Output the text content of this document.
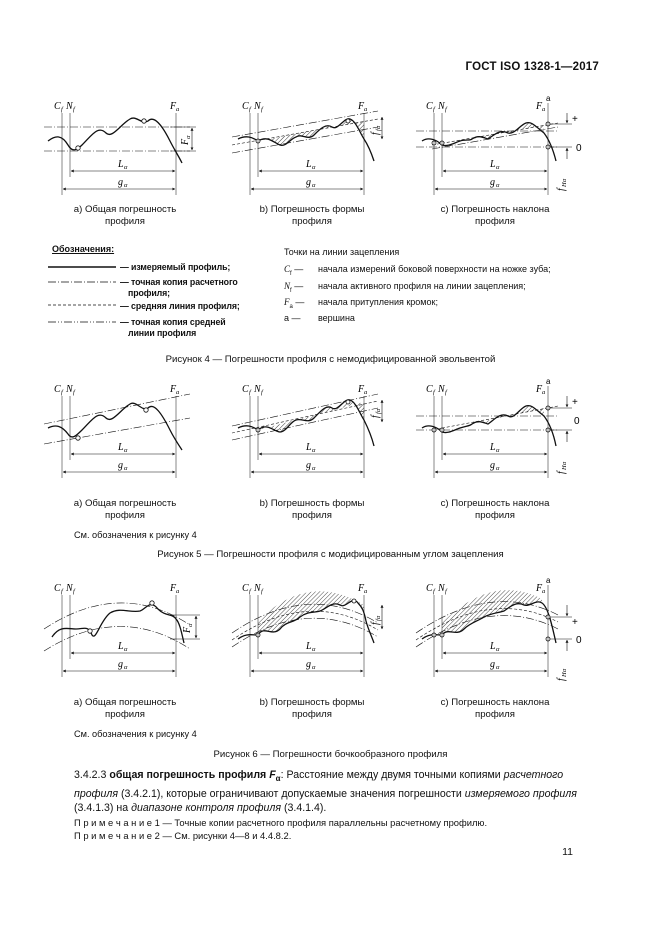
ГОСТ ISO 1328-1—2017
C f N f	F a
L α
g α
F
α
C f N f	F a
L α
g α
f
fα
C f N f	F a
a
+
0
L α
g α
f
Hα
a) Общая погрешность
профиля
b) Погрешность формы
профиля
c) Погрешность наклона
профиля
Обозначения:
— измеряемый профиль;
— точная копия расчетного
профиля;
— средняя линия профиля;
— точная копия средней
линии профиля
Точки на линии зацепления
$C_f$ — начала измерений боковой поверхности на ножке зуба;
$N_f$ — начала активного профиля на линии зацепления;
$F_a$ — начала притупления кромок;
a — вершина
Рисунок 4 — Погрешности профиля с немодифицированной эвольвентой
C f N f	F a
L α
g α
C f N f	F a
L α
g α
f
fα
C f N f	F a
a
+
0
L α
g α
f
Hα
a) Общая погрешность
профиля
b) Погрешность формы
профиля
c) Погрешность наклона
профиля
См. обозначения к рисунку 4
Рисунок 5 — Погрешности профиля с модифицированным углом зацепления
C f N f	F a
L α
g α
F
α
C f N f	F a
L α
g α
f
fα
C f N f	F a
a
+
0
L α
g α
f
Hα
a) Общая погрешность
профиля
b) Погрешность формы
профиля
c) Погрешность наклона
профиля
См. обозначения к рисунку 4
Рисунок 6 — Погрешности бочкообразного профиля
3.4.2.3 общая погрешность профиля $F_\alpha$: Расстояние между двумя точными копиями расчетного профиля (3.4.2.1), которые ограничивают допускаемые значения погрешности измеряемого профиля (3.4.1.3) на диапазоне контроля профиля (3.4.1.4).
П р и м е ч а н и е 1 — Точные копии расчетного профиля параллельны расчетному профилю.
П р и м е ч а н и е 2 — См. рисунки 4—8 и 4.4.8.2.
11
